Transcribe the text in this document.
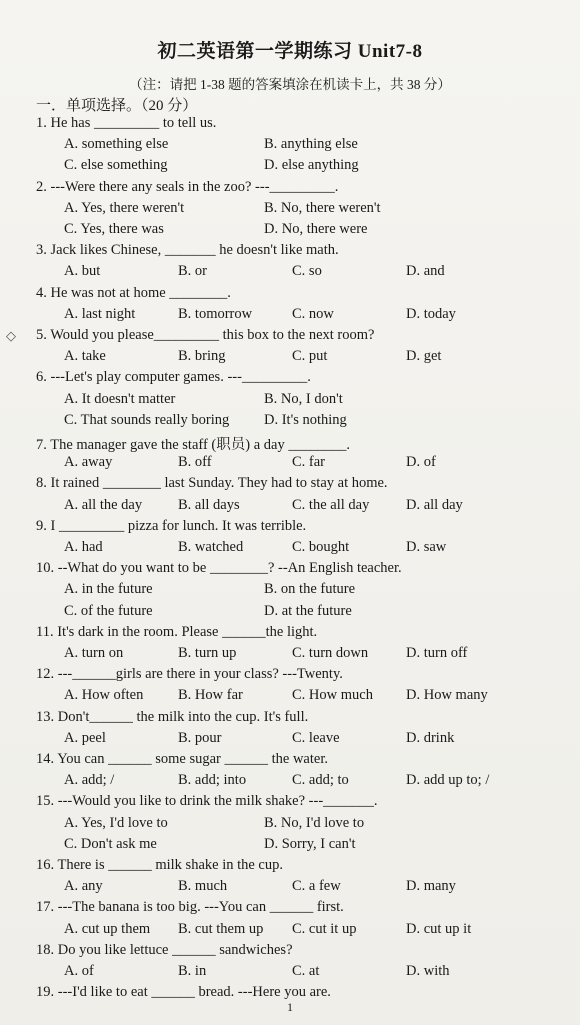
初二英语第一学期练习 Unit7-8
（注：请把 1-38 题的答案填涂在机读卡上，共 38 分）
一．单项选择。（20 分）
1. He has _________ to tell us.
A. something else	B. anything else
C. else something	D. else anything
2. ---Were there any seals in the zoo? ---_________.
A. Yes, there weren't	B. No, there weren't
C. Yes, there was	D. No, there were
3. Jack likes Chinese, _______ he doesn't like math.
A. but	B. or	C. so	D. and
4. He was not at home ________.
A. last night	B. tomorrow	C. now	D. today
5. Would you please_________ this box to the next room?
A. take	B. bring	C. put	D. get
6. ---Let's play computer games. ---_________.
A. It doesn't matter	B. No, I don't
C. That sounds really boring D. It's nothing
7. The manager gave the staff (职员) a day ________.
A. away	B. off	C. far	D. of
8. It rained ________ last Sunday. They had to stay at home.
A. all the day B. all days	C. the all day	D. all day
9. I _________ pizza for lunch. It was terrible.
A. had	B. watched	C. bought	D. saw
10. --What do you want to be ________? --An English teacher.
A. in the future	B. on the future
C. of the future	D. at the future
11. It's dark in the room. Please ______the light.
A. turn on	B. turn up	C. turn down	D. turn off
12. ---______girls are there in your class? ---Twenty.
A. How often B. How far	C. How much D. How many
13. Don't______ the milk into the cup. It's full.
A. peel	B. pour	C. leave	D. drink
14. You can ______ some sugar ______ the water.
A. add; /	B. add; into	C. add; to	D. add up to; /
15. ---Would you like to drink the milk shake? ---_______.
A. Yes, I'd love to	B. No, I'd love to
C. Don't ask me	D. Sorry, I can't
16. There is ______ milk shake in the cup.
A. any	B. much	C. a few	D. many
17. ---The banana is too big. ---You can ______ first.
A. cut up them B. cut them up C. cut it up	D. cut up it
18. Do you like lettuce ______ sandwiches?
A. of	B. in	C. at	D. with
19. ---I'd like to eat ______ bread. ---Here you are.
◇
1
